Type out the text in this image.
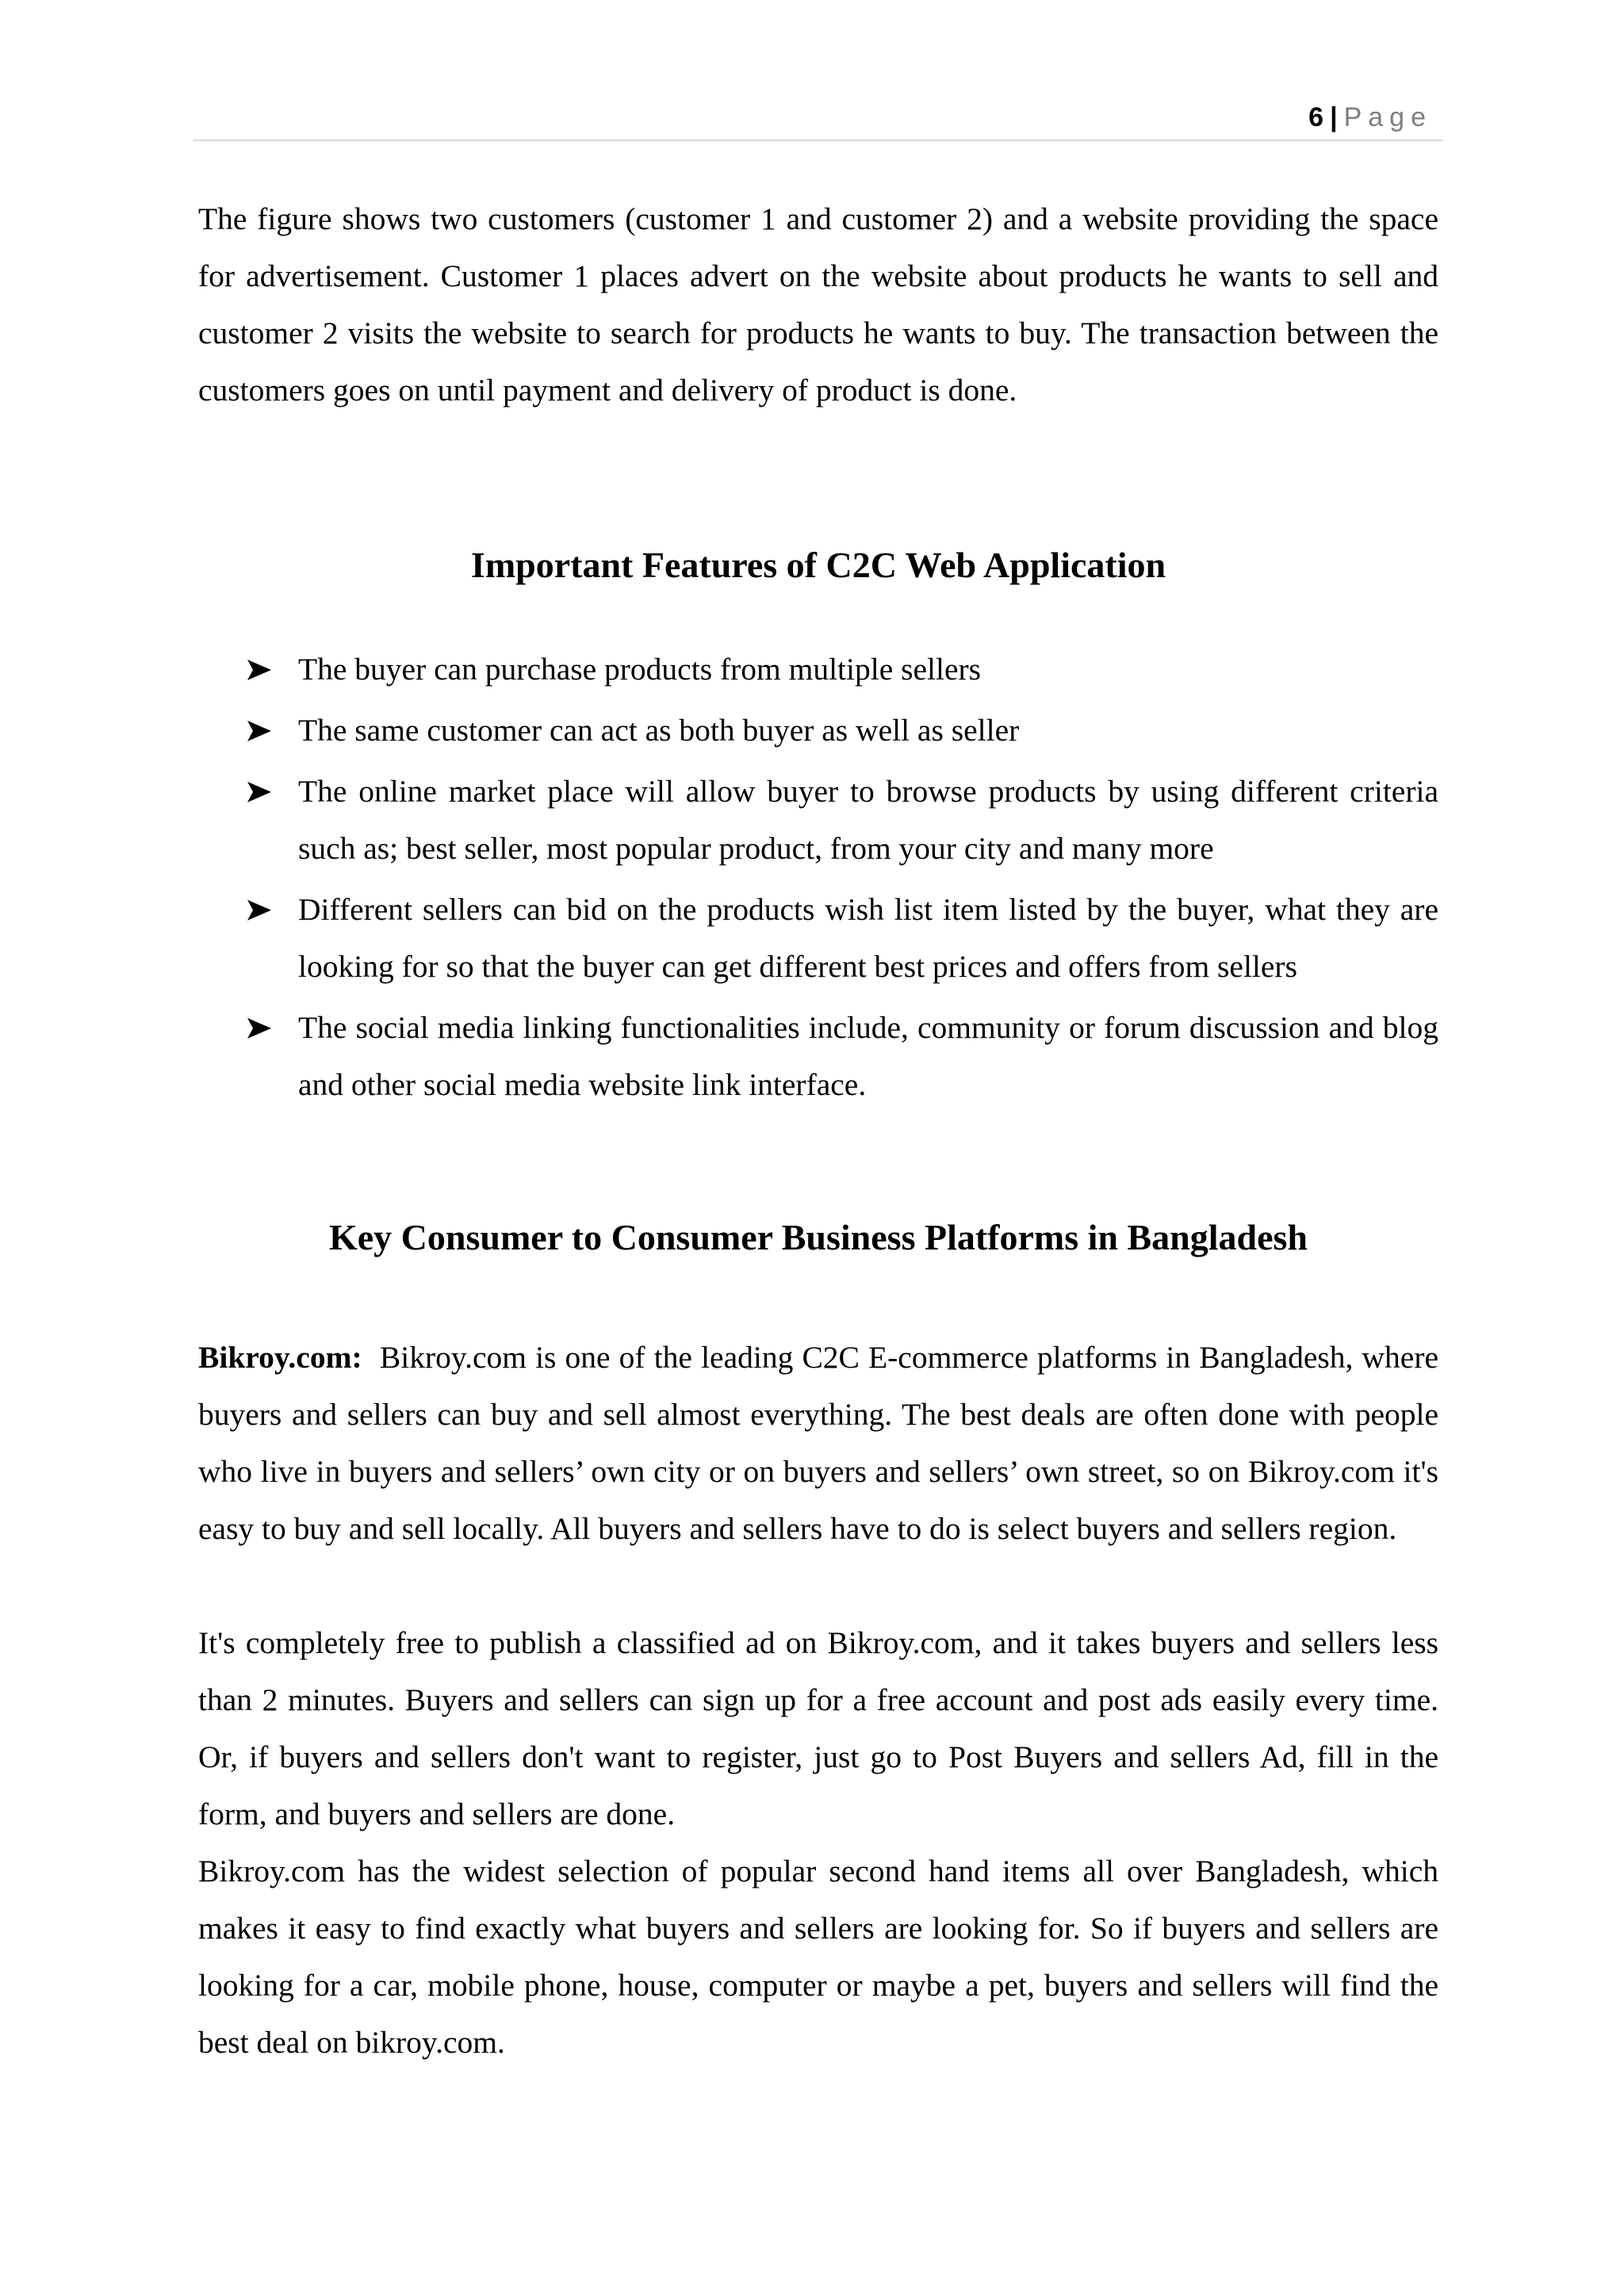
6 | Page

The figure shows two customers (customer 1 and customer 2) and a website providing the space for advertisement. Customer 1 places advert on the website about products he wants to sell and customer 2 visits the website to search for products he wants to buy. The transaction between the customers goes on until payment and delivery of product is done.

Important Features of C2C Web Application
The buyer can purchase products from multiple sellers
The same customer can act as both buyer as well as seller
The online market place will allow buyer to browse products by using different criteria such as; best seller, most popular product, from your city and many more
Different sellers can bid on the products wish list item listed by the buyer, what they are looking for so that the buyer can get different best prices and offers from sellers
The social media linking functionalities include, community or forum discussion and blog and other social media website link interface.
Key Consumer to Consumer Business Platforms in Bangladesh

Bikroy.com: Bikroy.com is one of the leading C2C E-commerce platforms in Bangladesh, where buyers and sellers can buy and sell almost everything. The best deals are often done with people who live in buyers and sellers’ own city or on buyers and sellers’ own street, so on Bikroy.com it's easy to buy and sell locally. All buyers and sellers have to do is select buyers and sellers region.

It's completely free to publish a classified ad on Bikroy.com, and it takes buyers and sellers less than 2 minutes. Buyers and sellers can sign up for a free account and post ads easily every time. Or, if buyers and sellers don't want to register, just go to Post Buyers and sellers Ad, fill in the form, and buyers and sellers are done.

Bikroy.com has the widest selection of popular second hand items all over Bangladesh, which makes it easy to find exactly what buyers and sellers are looking for. So if buyers and sellers are looking for a car, mobile phone, house, computer or maybe a pet, buyers and sellers will find the best deal on bikroy.com.
